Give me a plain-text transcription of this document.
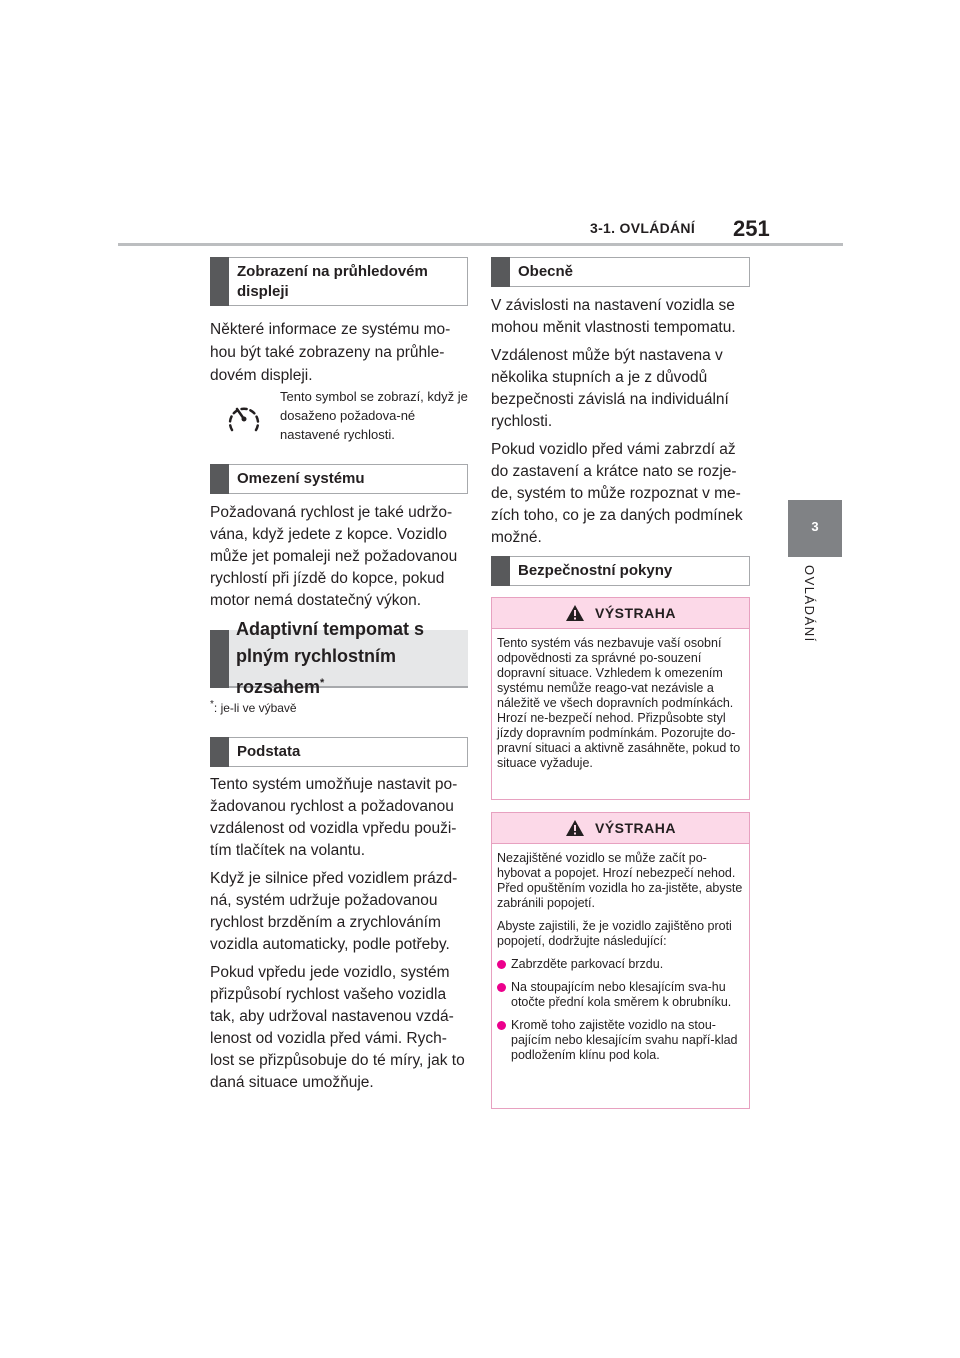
3-1. OVLÁDÁNÍ 251
3
OVLÁDÁNÍ
Zobrazení na průhledovém displeji
Některé informace ze systému mo-hou být také zobrazeny na průhle-dovém displeji.
Tento symbol se zobrazí, když je dosaženo požadova-né nastavené rychlosti.
Omezení systému
Požadovaná rychlost je také udržo-vána, když jedete z kopce. Vozidlo může jet pomaleji než požadovanou rychlostí při jízdě do kopce, pokud motor nemá dostatečný výkon.
Adaptivní tempomat s plným rychlostním rozsahem*
*: je-li ve výbavě
Podstata

Tento systém umožňuje nastavit po-žadovanou rychlost a požadovanou vzdálenost od vozidla vpředu použi-tím tlačítek na volantu.

Když je silnice před vozidlem prázd-ná, systém udržuje požadovanou rychlost brzděním a zrychlováním vozidla automaticky, podle potřeby.

Pokud vpředu jede vozidlo, systém přizpůsobí rychlost vašeho vozidla tak, aby udržoval nastavenou vzdá-lenost od vozidla před vámi. Rych-lost se přizpůsobuje do té míry, jak to daná situace umožňuje.

Obecně

V závislosti na nastavení vozidla se mohou měnit vlastnosti tempomatu.

Vzdálenost může být nastavena v několika stupních a je z důvodů bezpečnosti závislá na individuální rychlosti.

Pokud vozidlo před vámi zabrzdí až do zastavení a krátce nato se rozje-de, systém to může rozpoznat v me-zích toho, co je za daných podmínek možné.

Bezpečnostní pokyny
VÝSTRAHA

Tento systém vás nezbavuje vaší osobní odpovědnosti za správné po-souzení dopravní situace. Vzhledem k omezením systému nemůže reago-vat nezávisle a náležitě ve všech dopravních podmínkách. Hrozí ne-bezpečí nehod. Přizpůsobte styl jízdy dopravním podmínkám. Pozorujte do-pravní situaci a aktivně zasáhněte, pokud to situace vyžaduje.

VÝSTRAHA

Nezajištěné vozidlo se může začít po-hybovat a popojet. Hrozí nebezpečí nehod. Před opuštěním vozidla ho za-jistěte, abyste zabránili popojetí.

Abyste zajistili, že je vozidlo zajištěno proti popojetí, dodržujte následující:

Zabrzděte parkovací brzdu.
Na stoupajícím nebo klesajícím sva-hu otočte přední kola směrem k obrubníku.
Kromě toho zajistěte vozidlo na stou-pajícím nebo klesajícím svahu napří-klad podložením klínu pod kola.
